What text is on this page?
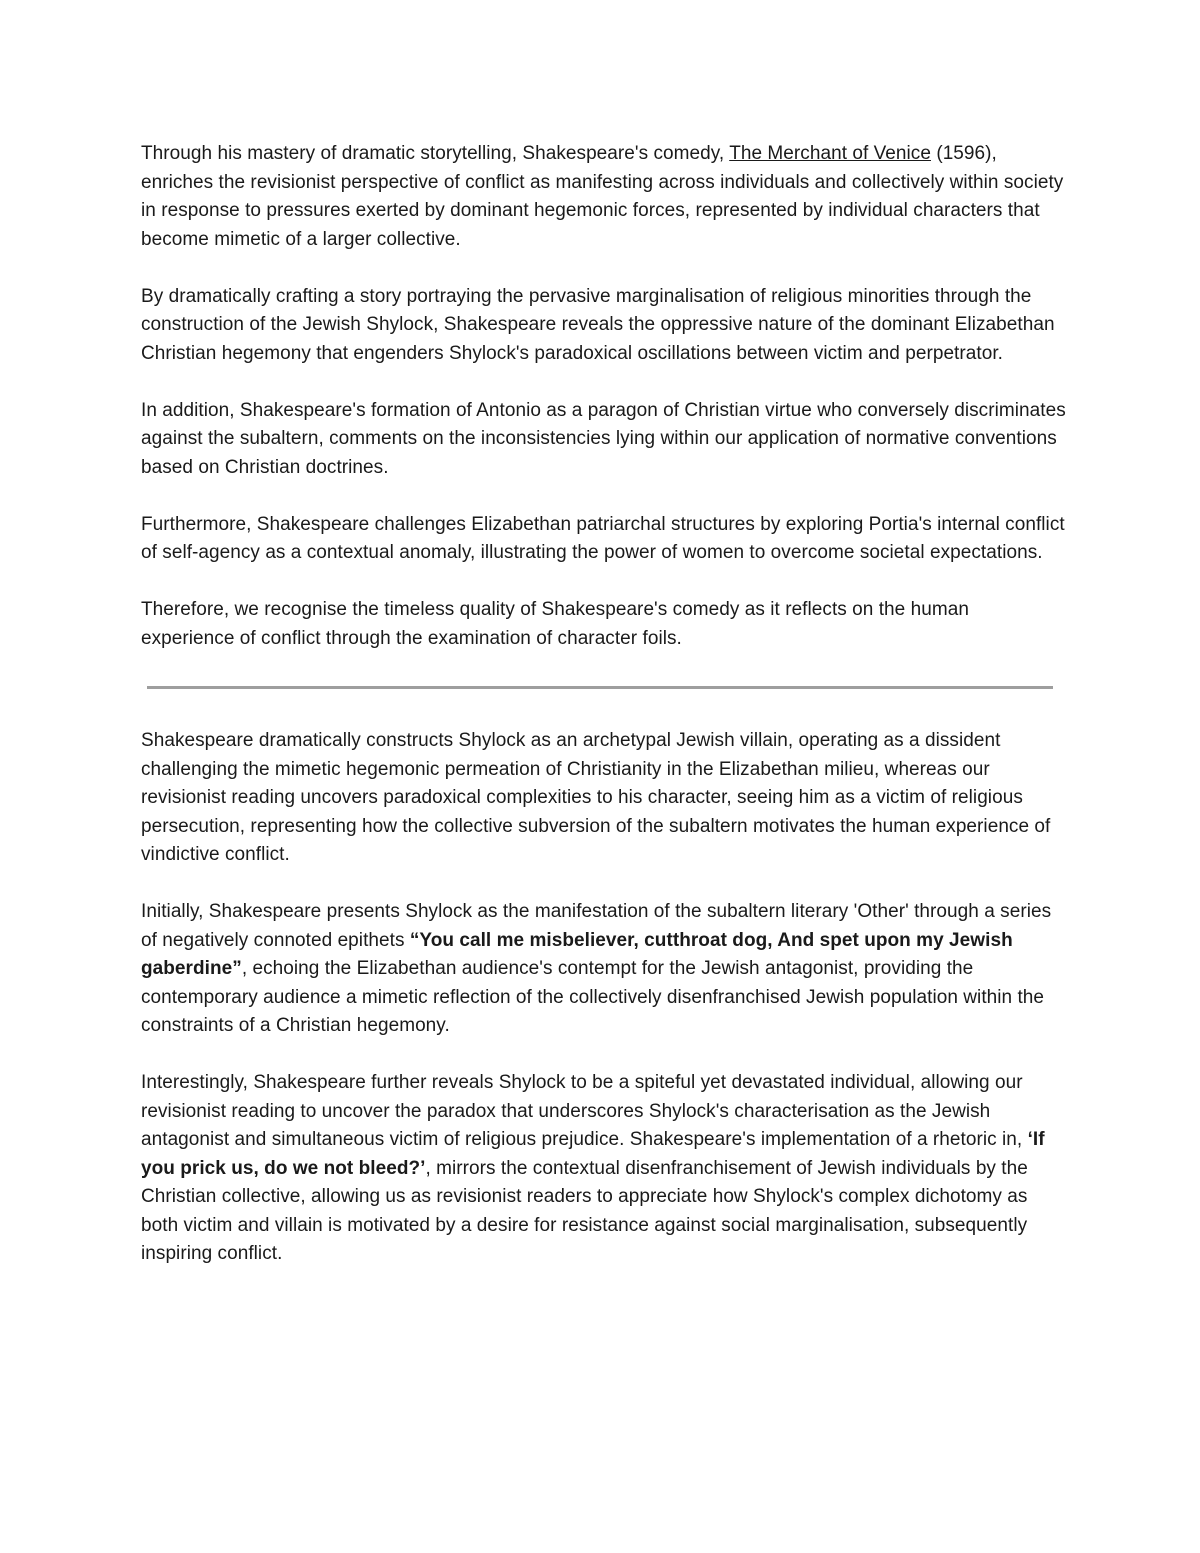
Through his mastery of dramatic storytelling, Shakespeare's comedy, The Merchant of Venice (1596), enriches the revisionist perspective of conflict as manifesting across individuals and collectively within society in response to pressures exerted by dominant hegemonic forces, represented by individual characters that become mimetic of a larger collective.

By dramatically crafting a story portraying the pervasive marginalisation of religious minorities through the construction of the Jewish Shylock, Shakespeare reveals the oppressive nature of the dominant Elizabethan Christian hegemony that engenders Shylock's paradoxical oscillations between victim and perpetrator.

In addition, Shakespeare's formation of Antonio as a paragon of Christian virtue who conversely discriminates against the subaltern, comments on the inconsistencies lying within our application of normative conventions based on Christian doctrines.

Furthermore, Shakespeare challenges Elizabethan patriarchal structures by exploring Portia's internal conflict of self-agency as a contextual anomaly, illustrating the power of women to overcome societal expectations.

Therefore, we recognise the timeless quality of Shakespeare's comedy as it reflects on the human experience of conflict through the examination of character foils.

Shakespeare dramatically constructs Shylock as an archetypal Jewish villain, operating as a dissident challenging the mimetic hegemonic permeation of Christianity in the Elizabethan milieu, whereas our revisionist reading uncovers paradoxical complexities to his character, seeing him as a victim of religious persecution, representing how the collective subversion of the subaltern motivates the human experience of vindictive conflict.

Initially, Shakespeare presents Shylock as the manifestation of the subaltern literary 'Other' through a series of negatively connoted epithets “You call me misbeliever, cutthroat dog, And spet upon my Jewish gaberdine”, echoing the Elizabethan audience's contempt for the Jewish antagonist, providing the contemporary audience a mimetic reflection of the collectively disenfranchised Jewish population within the constraints of a Christian hegemony.

Interestingly, Shakespeare further reveals Shylock to be a spiteful yet devastated individual, allowing our revisionist reading to uncover the paradox that underscores Shylock's characterisation as the Jewish antagonist and simultaneous victim of religious prejudice. Shakespeare's implementation of a rhetoric in, ‘If you prick us, do we not bleed?’, mirrors the contextual disenfranchisement of Jewish individuals by the Christian collective, allowing us as revisionist readers to appreciate how Shylock's complex dichotomy as both victim and villain is motivated by a desire for resistance against social marginalisation, subsequently inspiring conflict.
